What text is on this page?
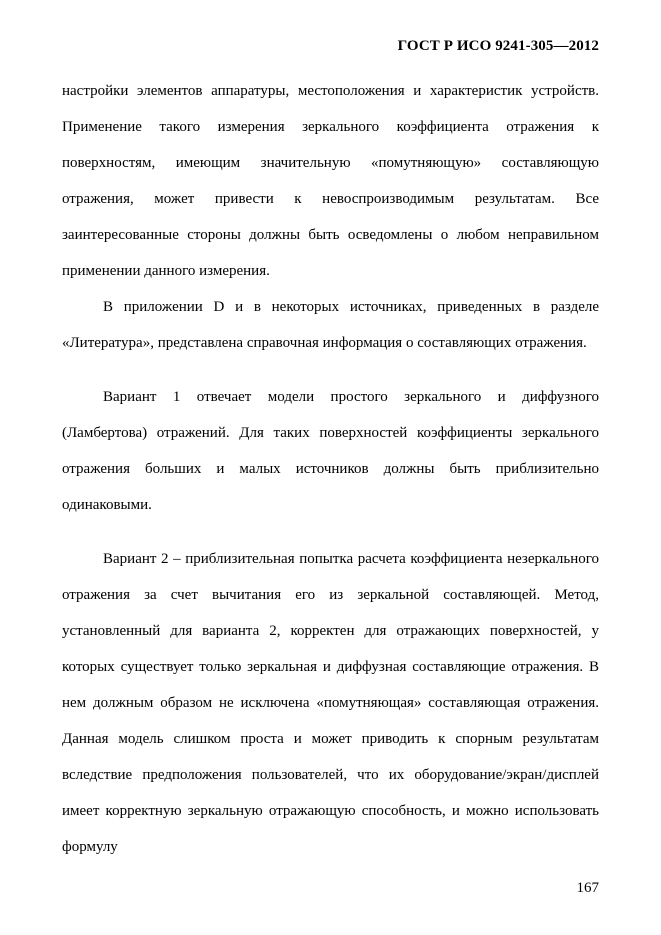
ГОСТ Р ИСО 9241-305—2012

настройки элементов аппаратуры, местоположения и характеристик устройств. Применение такого измерения зеркального коэффициента отражения к поверхностям, имеющим значительную «помутняющую» составляющую отражения, может привести к невоспроизводимым результатам. Все заинтересованные стороны должны быть осведомлены о любом неправильном применении данного измерения.

В приложении D и в некоторых источниках, приведенных в разделе «Литература», представлена справочная информация о составляющих отражения.

Вариант 1 отвечает модели простого зеркального и диффузного (Ламбертова) отражений. Для таких поверхностей коэффициенты зеркального отражения больших и малых источников должны быть приблизительно одинаковыми.

Вариант 2 – приблизительная попытка расчета коэффициента незеркального отражения за счет вычитания его из зеркальной составляющей. Метод, установленный для варианта 2, корректен для отражающих поверхностей, у которых существует только зеркальная и диффузная составляющие отражения. В нем должным образом не исключена «помутняющая» составляющая отражения. Данная модель слишком проста и может приводить к спорным результатам вследствие предположения пользователей, что их оборудование/экран/дисплей имеет корректную зеркальную отражающую способность, и можно использовать формулу

167
